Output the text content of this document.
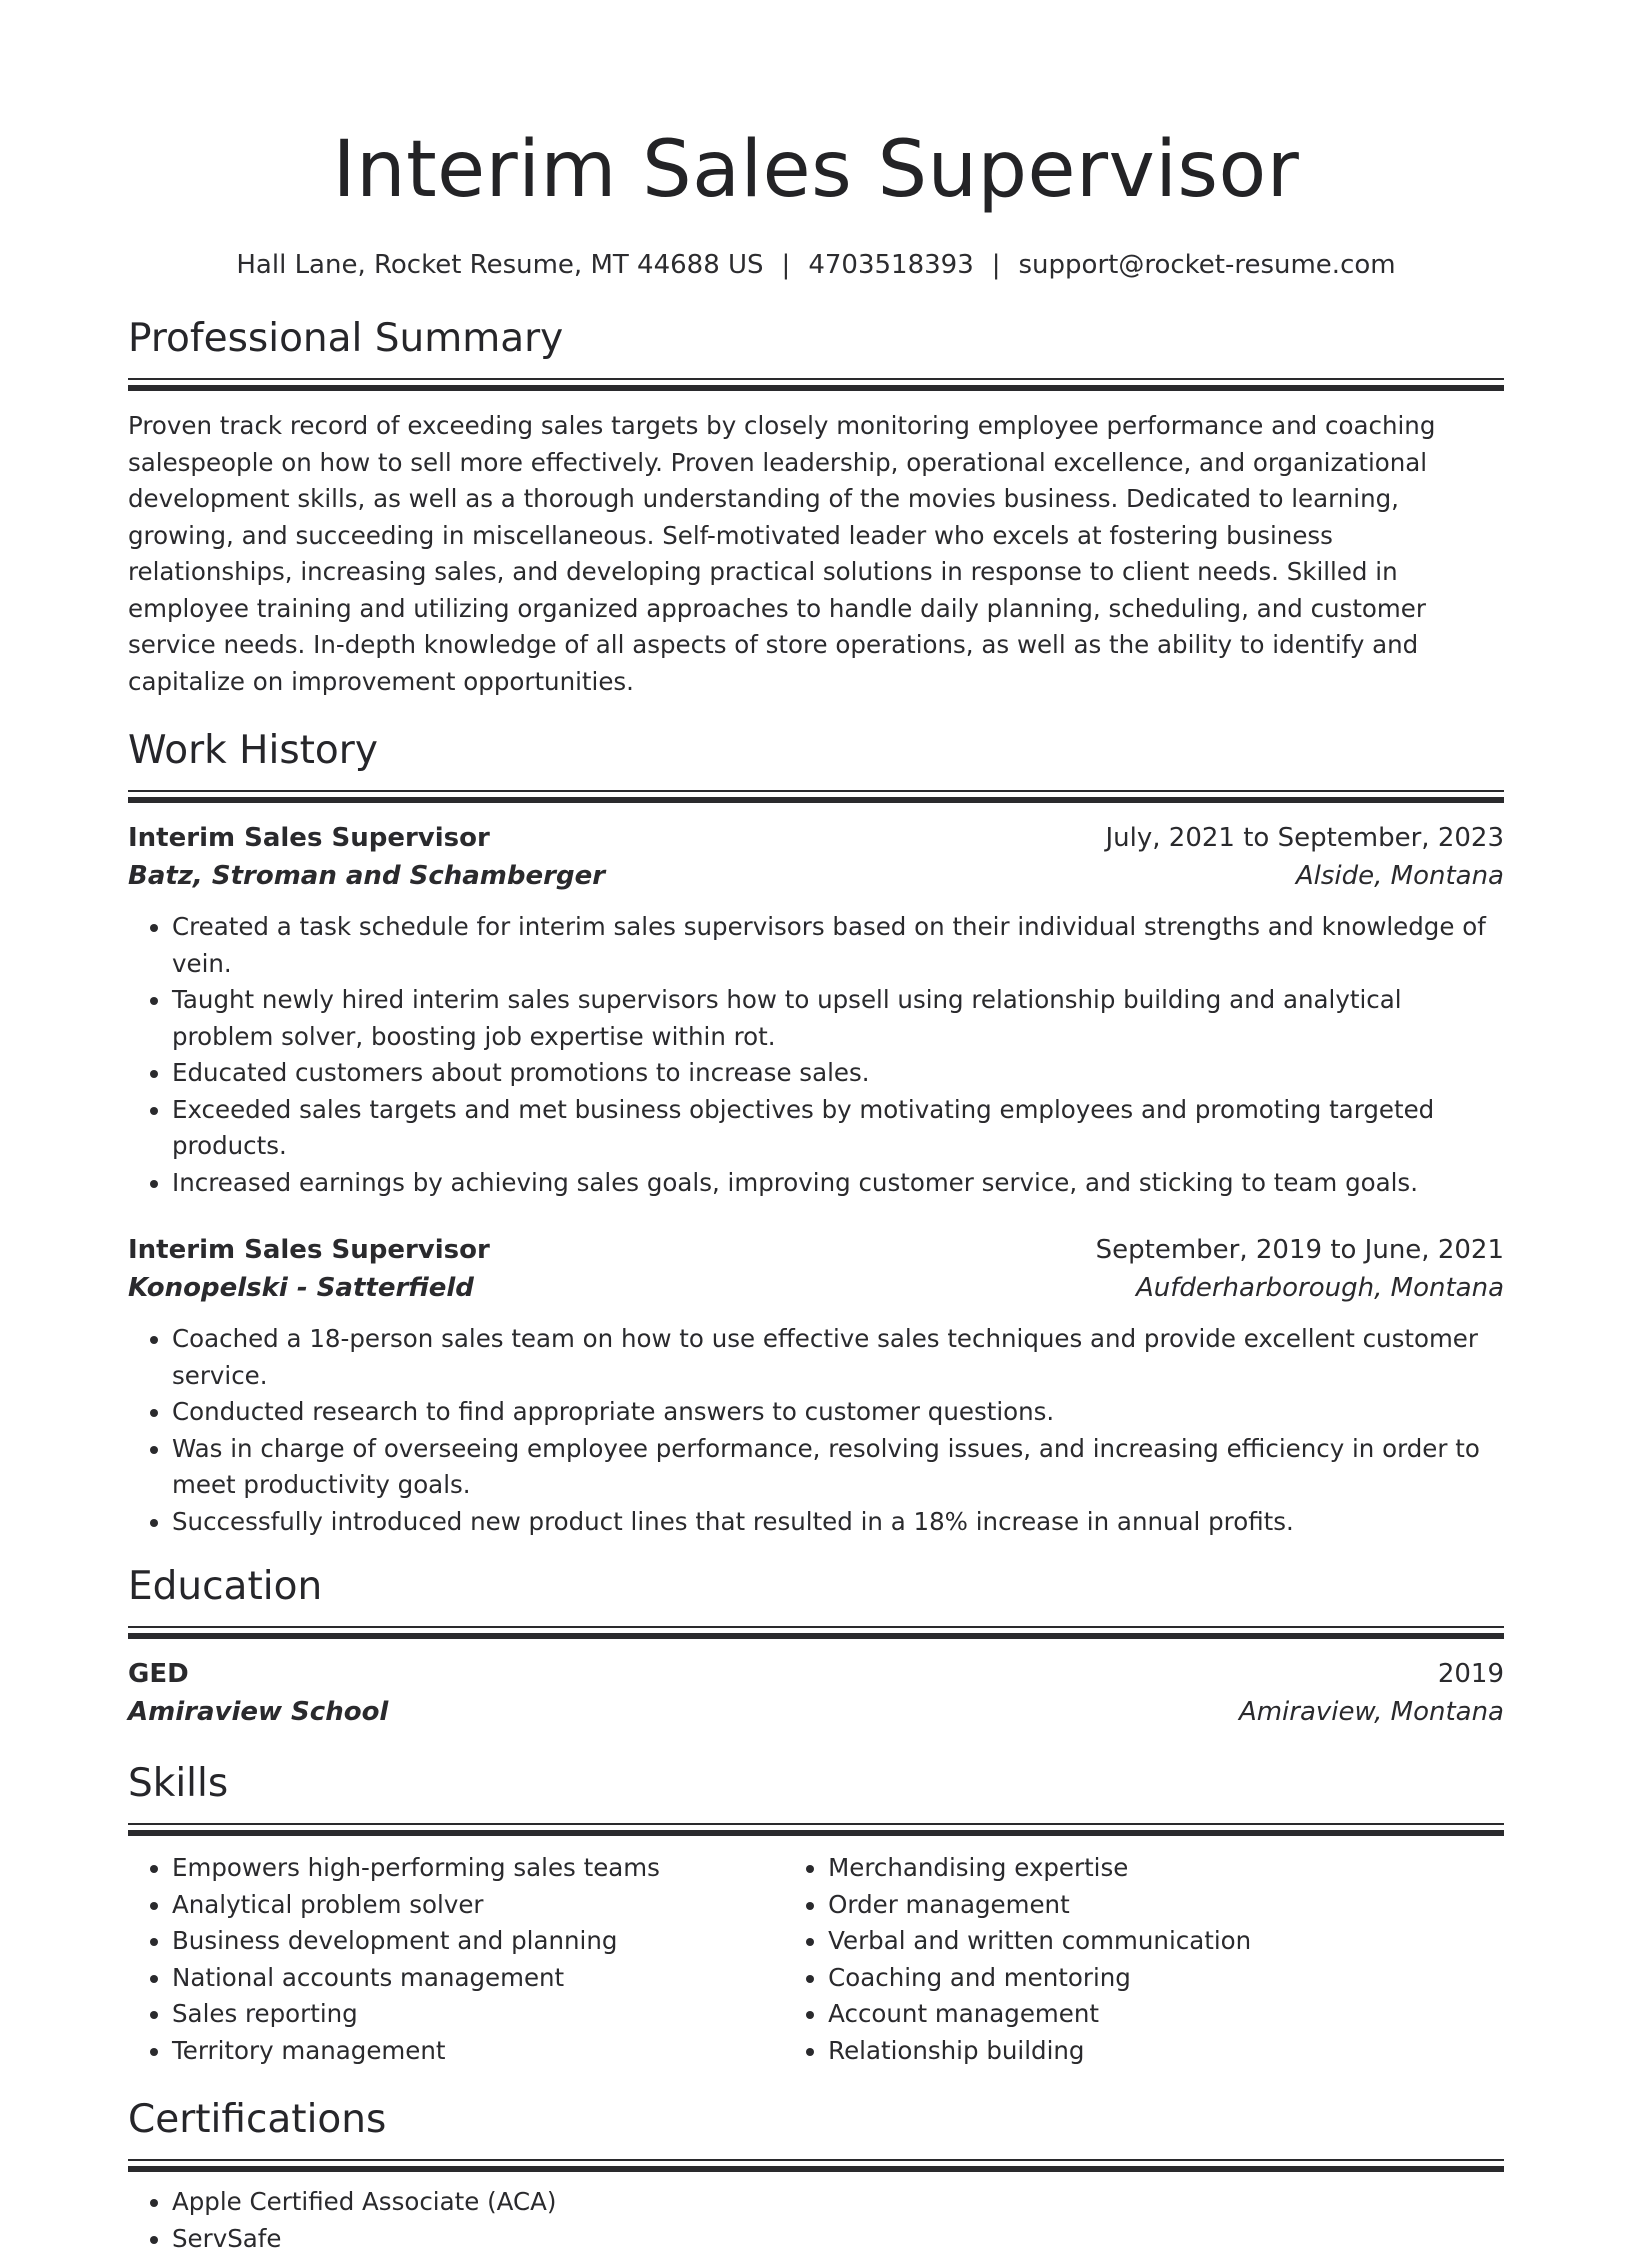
Interim Sales Supervisor
Hall Lane, Rocket Resume, MT 44688 US | 4703518393 | support@rocket-resume.com
Professional Summary
Proven track record of exceeding sales targets by closely monitoring employee performance and coaching salespeople on how to sell more effectively. Proven leadership, operational excellence, and organizational development skills, as well as a thorough understanding of the movies business. Dedicated to learning, growing, and succeeding in miscellaneous. Self-motivated leader who excels at fostering business relationships, increasing sales, and developing practical solutions in response to client needs. Skilled in employee training and utilizing organized approaches to handle daily planning, scheduling, and customer service needs. In-depth knowledge of all aspects of store operations, as well as the ability to identify and capitalize on improvement opportunities.
Work History
Interim Sales Supervisor	July, 2021 to September, 2023
Batz, Stroman and Schamberger	Alside, Montana
• Created a task schedule for interim sales supervisors based on their individual strengths and knowledge of vein.
• Taught newly hired interim sales supervisors how to upsell using relationship building and analytical problem solver, boosting job expertise within rot.
• Educated customers about promotions to increase sales.
• Exceeded sales targets and met business objectives by motivating employees and promoting targeted products.
• Increased earnings by achieving sales goals, improving customer service, and sticking to team goals.
Interim Sales Supervisor	September, 2019 to June, 2021
Konopelski - Satterfield	Aufderharborough, Montana
• Coached a 18-person sales team on how to use effective sales techniques and provide excellent customer service.
• Conducted research to find appropriate answers to customer questions.
• Was in charge of overseeing employee performance, resolving issues, and increasing efficiency in order to meet productivity goals.
• Successfully introduced new product lines that resulted in a 18% increase in annual profits.
Education
GED	2019
Amiraview School	Amiraview, Montana
Skills
• Empowers high-performing sales teams
• Analytical problem solver
• Business development and planning
• National accounts management
• Sales reporting
• Territory management
• Merchandising expertise
• Order management
• Verbal and written communication
• Coaching and mentoring
• Account management
• Relationship building
Certifications
• Apple Certified Associate (ACA)
• ServSafe
